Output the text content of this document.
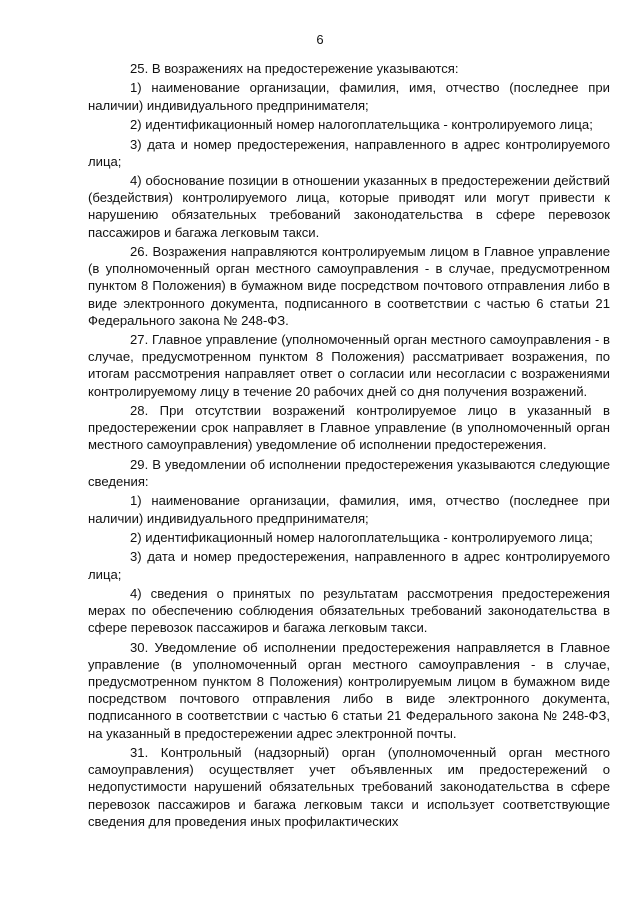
6

25. В возражениях на предостережение указываются:

1) наименование организации, фамилия, имя, отчество (последнее при наличии) индивидуального предпринимателя;

2) идентификационный номер налогоплательщика - контролируемого лица;

3) дата и номер предостережения, направленного в адрес контролируемого лица;

4) обоснование позиции в отношении указанных в предостережении действий (бездействия) контролируемого лица, которые приводят или могут привести к нарушению обязательных требований законодательства в сфере перевозок пассажиров и багажа легковым такси.

26. Возражения направляются контролируемым лицом в Главное управление (в уполномоченный орган местного самоуправления - в случае, предусмотренном пунктом 8 Положения) в бумажном виде посредством почтового отправления либо в виде электронного документа, подписанного в соответствии с частью 6 статьи 21 Федерального закона № 248-ФЗ.

27. Главное управление (уполномоченный орган местного самоуправления - в случае, предусмотренном пунктом 8 Положения) рассматривает возражения, по итогам рассмотрения направляет ответ о согласии или несогласии с возражениями контролируемому лицу в течение 20 рабочих дней со дня получения возражений.

28. При отсутствии возражений контролируемое лицо в указанный в предостережении срок направляет в Главное управление (в уполномоченный орган местного самоуправления) уведомление об исполнении предостережения.

29. В уведомлении об исполнении предостережения указываются следующие сведения:

1) наименование организации, фамилия, имя, отчество (последнее при наличии) индивидуального предпринимателя;

2) идентификационный номер налогоплательщика - контролируемого лица;

3) дата и номер предостережения, направленного в адрес контролируемого лица;

4) сведения о принятых по результатам рассмотрения предостережения мерах по обеспечению соблюдения обязательных требований законодательства в сфере перевозок пассажиров и багажа легковым такси.

30. Уведомление об исполнении предостережения направляется в Главное управление (в уполномоченный орган местного самоуправления - в случае, предусмотренном пунктом 8 Положения) контролируемым лицом в бумажном виде посредством почтового отправления либо в виде электронного документа, подписанного в соответствии с частью 6 статьи 21 Федерального закона № 248-ФЗ, на указанный в предостережении адрес электронной почты.

31. Контрольный (надзорный) орган (уполномоченный орган местного самоуправления) осуществляет учет объявленных им предостережений о недопустимости нарушений обязательных требований законодательства в сфере перевозок пассажиров и багажа легковым такси и использует соответствующие сведения для проведения иных профилактических
